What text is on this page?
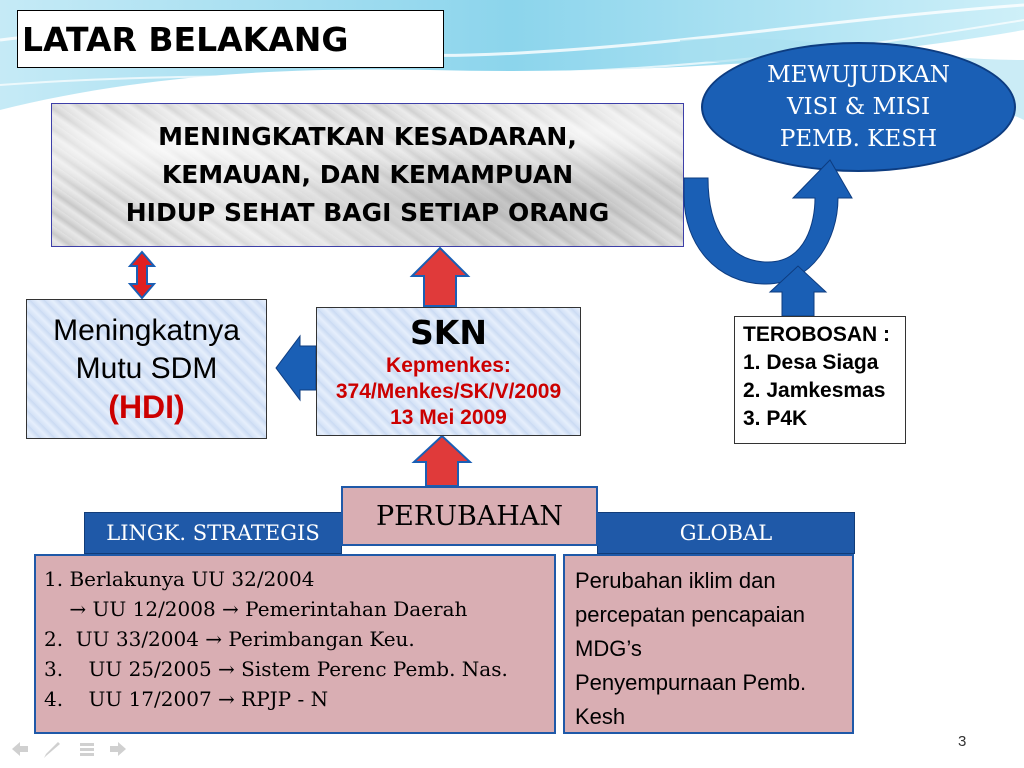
LATAR BELAKANG
MEWUJUDKAN
VISI & MISI
PEMB. KESH
MENINGKATKAN KESADARAN,
KEMAUAN, DAN KEMAMPUAN
HIDUP SEHAT BAGI SETIAP ORANG
Meningkatnya
Mutu SDM
(HDI)
SKN
Kepmenkes:
374/Menkes/SK/V/2009
13 Mei 2009
TEROBOSAN :
1. Desa Siaga
2. Jamkesmas
3. P4K
LINGK. STRATEGIS	GLOBAL
PERUBAHAN
1. Berlakunya UU 32/2004
→ UU 12/2008 → Pemerintahan Daerah
2.  UU 33/2004 → Perimbangan Keu.
3.    UU 25/2005 → Sistem Perenc Pemb. Nas.
4.    UU 17/2007 → RPJP - N
Perubahan iklim dan
percepatan pencapaian
MDG’s
Penyempurnaan Pemb.
Kesh
3
